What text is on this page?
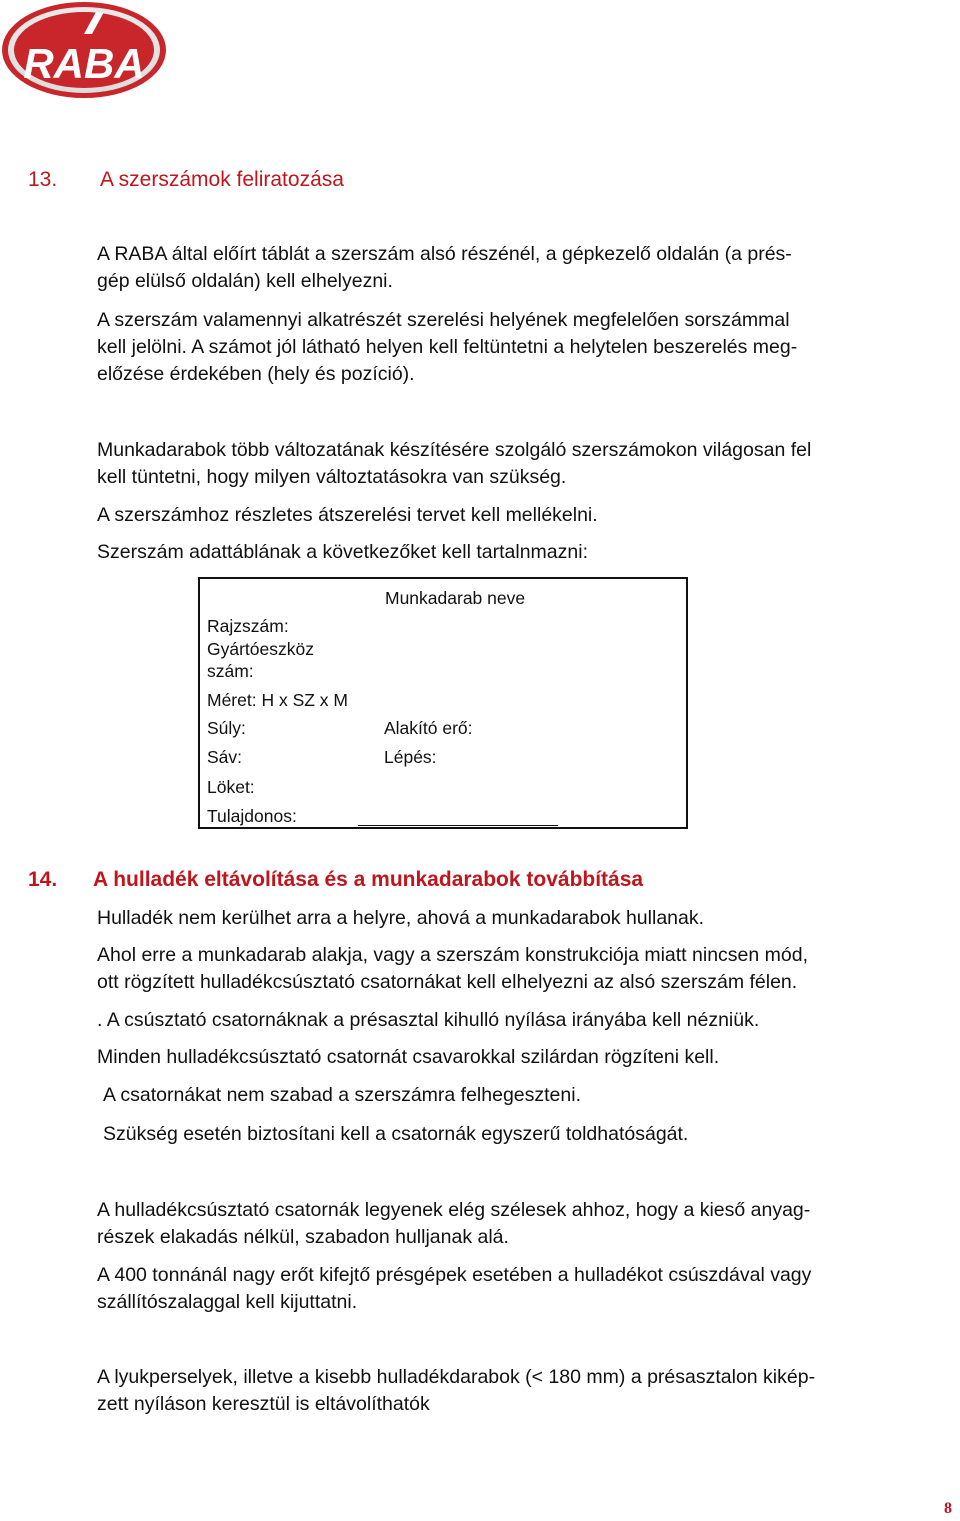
RABA
13. A szerszámok feliratozása
A RABA által előírt táblát a szerszám alsó részénél, a gépkezelő oldalán (a prés-
gép elülső oldalán) kell elhelyezni.
A szerszám valamennyi alkatrészét szerelési helyének megfelelően sorszámmal
kell jelölni. A számot jól látható helyen kell feltüntetni a helytelen beszerelés meg-
előzése érdekében (hely és pozíció).
Munkadarabok több változatának készítésére szolgáló szerszámokon világosan fel
kell tüntetni, hogy milyen változtatásokra van szükség.
A szerszámhoz részletes átszerelési tervet kell mellékelni.
Szerszám adattáblának a következőket kell tartalnmazni:
Munkadarab neve
Rajzszám:
Gyártóeszköz
szám:
Méret: H x SZ x M
Súly:	Alakító erő:
Sáv:	Lépés:
Löket:
Tulajdonos:
14. A hulladék eltávolítása és a munkadarabok továbbítása
Hulladék nem kerülhet arra a helyre, ahová a munkadarabok hullanak.
Ahol erre a munkadarab alakja, vagy a szerszám konstrukciója miatt nincsen mód,
ott rögzített hulladékcsúsztató csatornákat kell elhelyezni az alsó szerszám félen.
. A csúsztató csatornáknak a présasztal kihulló nyílása irányába kell nézniük.
Minden hulladékcsúsztató csatornát csavarokkal szilárdan rögzíteni kell.
A csatornákat nem szabad a szerszámra felhegeszteni.
Szükség esetén biztosítani kell a csatornák egyszerű toldhatóságát.
A hulladékcsúsztató csatornák legyenek elég szélesek ahhoz, hogy a kieső anyag-
részek elakadás nélkül, szabadon hulljanak alá.
A 400 tonnánál nagy erőt kifejtő présgépek esetében a hulladékot csúszdával vagy
szállítószalaggal kell kijuttatni.
A lyukperselyek, illetve a kisebb hulladékdarabok (< 180 mm) a présasztalon kikép-
zett nyíláson keresztül is eltávolíthatók
8
